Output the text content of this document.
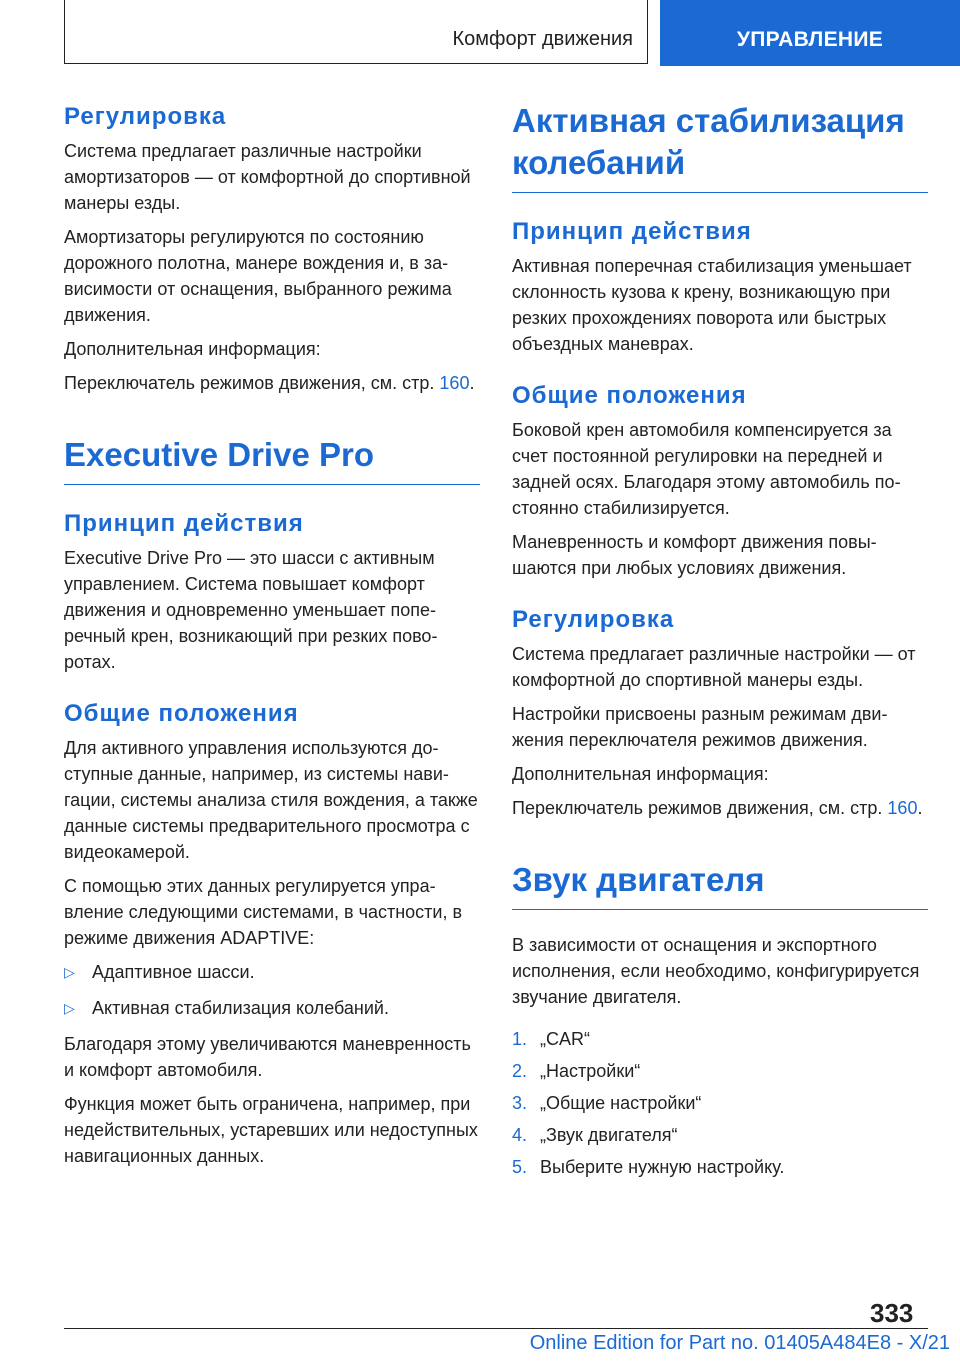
Комфорт движения	УПРАВЛЕНИЕ
Регулировка

Система предлагает различные настройки амортизаторов — от комфортной до спортивной манеры езды.

Амортизаторы регулируются по состоянию дорожного полотна, манере вождения и, в зависимости от оснащения, выбранного режима движения.

Дополнительная информация:

Переключатель режимов движения, см. стр. 160.

Executive Drive Pro
Принцип действия

Executive Drive Pro — это шасси с активным управлением. Система повышает комфорт движения и одновременно уменьшает поперечный крен, возникающий при резких поворотах.

Общие положения

Для активного управления используются доступные данные, например, из системы навигации, системы анализа стиля вождения, а также данные системы предварительного просмотра с видеокамерой.

С помощью этих данных регулируется управление следующими системами, в частности, в режиме движения ADAPTIVE:

▷ Адаптивное шасси.
▷ Активная стабилизация колебаний.

Благодаря этому увеличиваются маневренность и комфорт автомобиля.

Функция может быть ограничена, например, при недействительных, устаревших или недоступных навигационных данных.

Активная стабилизация колебаний
Принцип действия

Активная поперечная стабилизация уменьшает склонность кузова к крену, возникающую при резких прохождениях поворота или быстрых объездных маневрах.

Общие положения

Боковой крен автомобиля компенсируется за счет постоянной регулировки на передней и задней осях. Благодаря этому автомобиль постоянно стабилизируется.

Маневренность и комфорт движения повышаются при любых условиях движения.

Регулировка

Система предлагает различные настройки — от комфортной до спортивной манеры езды.

Настройки присвоены разным режимам движения переключателя режимов движения.

Дополнительная информация:

Переключатель режимов движения, см. стр. 160.

Звук двигателя

В зависимости от оснащения и экспортного исполнения, если необходимо, конфигурируется звучание двигателя.

1. „CAR“
2. „Настройки“
3. „Общие настройки“
4. „Звук двигателя“
5. Выберите нужную настройку.
333
Online Edition for Part no. 01405A484E8 - X/21
